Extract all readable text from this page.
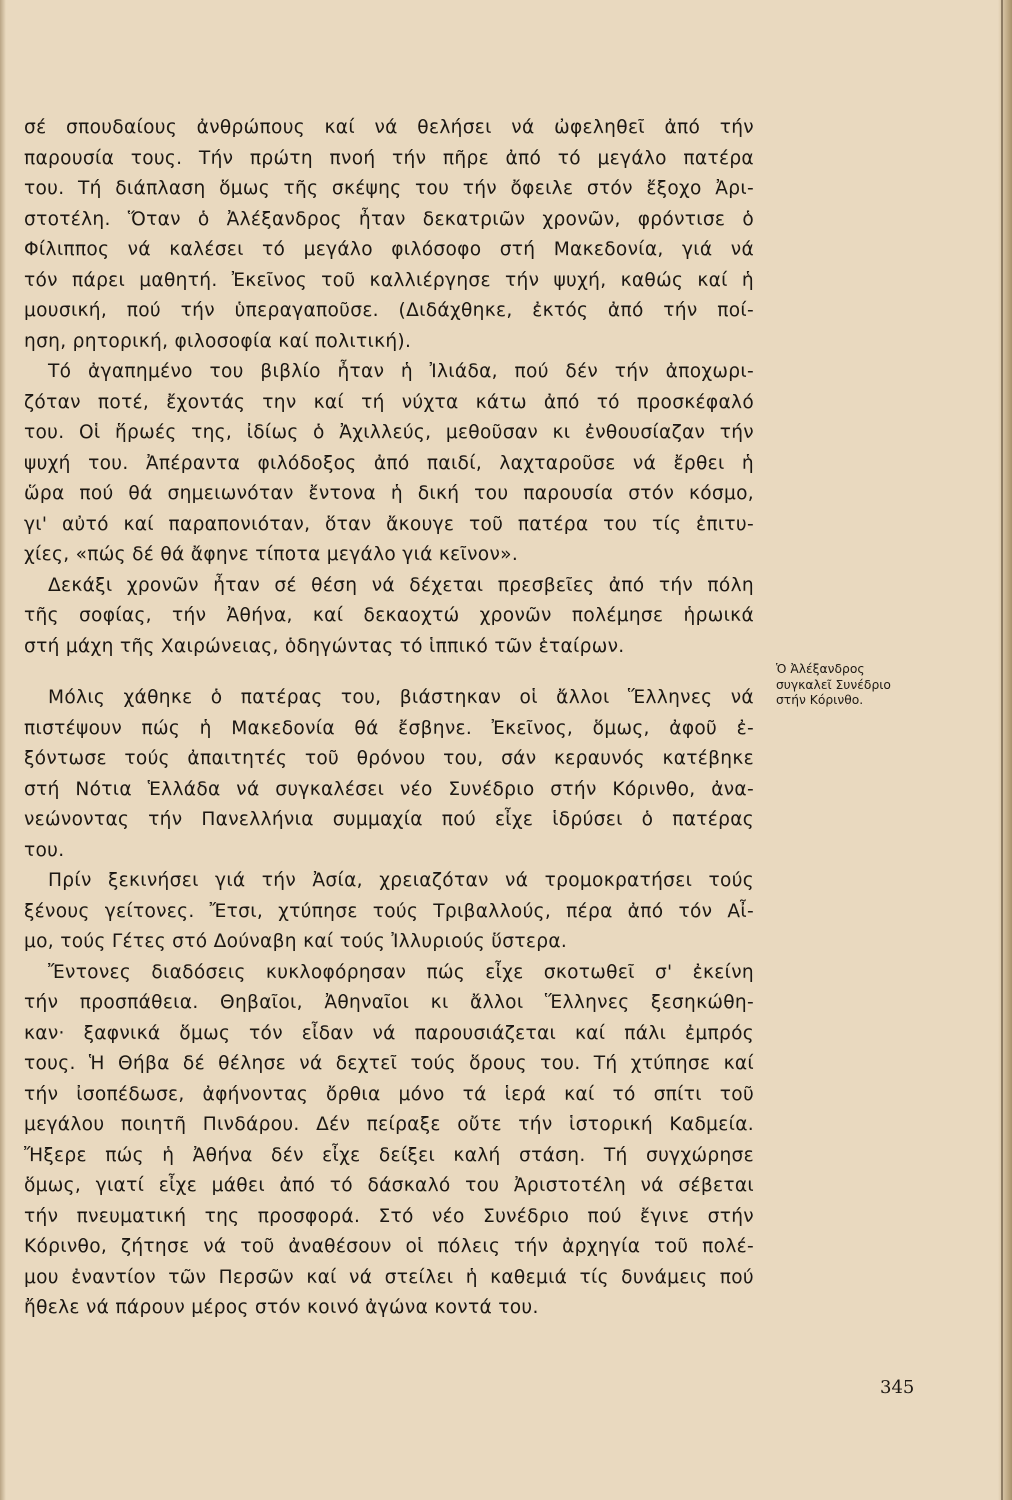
σέ σπουδαίους ἀνθρώπους καί νά θελήσει νά ὠφεληθεῖ ἀπό τήν
παρουσία τους. Τήν πρώτη πνοή τήν πῆρε ἀπό τό μεγάλο πατέρα
του. Τή διάπλαση ὅμως τῆς σκέψης του τήν ὄφειλε στόν ἔξοχο Ἀρι-
στοτέλη. Ὅταν ὁ Ἀλέξανδρος ἦταν δεκατριῶν χρονῶν, φρόντισε ὁ
Φίλιππος νά καλέσει τό μεγάλο φιλόσοφο στή Μακεδονία, γιά νά
τόν πάρει μαθητή. Ἐκεῖνος τοῦ καλλιέργησε τήν ψυχή, καθώς καί ἡ
μουσική, πού τήν ὑπεραγαποῦσε. (Διδάχθηκε, ἐκτός ἀπό τήν ποί-
ηση, ρητορική, φιλοσοφία καί πολιτική).
Τό ἀγαπημένο του βιβλίο ἦταν ἡ Ἰλιάδα, πού δέν τήν ἀποχωρι-
ζόταν ποτέ, ἔχοντάς την καί τή νύχτα κάτω ἀπό τό προσκέφαλό
του. Οἱ ἥρωές της, ἰδίως ὁ Ἀχιλλεύς, μεθοῦσαν κι ἐνθουσίαζαν τήν
ψυχή του. Ἀπέραντα φιλόδοξος ἀπό παιδί, λαχταροῦσε νά ἔρθει ἡ
ὥρα πού θά σημειωνόταν ἔντονα ἡ δική του παρουσία στόν κόσμο,
γι' αὐτό καί παραπονιόταν, ὅταν ἄκουγε τοῦ πατέρα του τίς ἐπιτυ-
χίες, «πώς δέ θά ἄφηνε τίποτα μεγάλο γιά κεῖνον».
Δεκάξι χρονῶν ἦταν σέ θέση νά δέχεται πρεσβεῖες ἀπό τήν πόλη
τῆς σοφίας, τήν Ἀθήνα, καί δεκαοχτώ χρονῶν πολέμησε ἡρωικά
στή μάχη τῆς Χαιρώνειας, ὁδηγώντας τό ἱππικό τῶν ἑταίρων.
Μόλις χάθηκε ὁ πατέρας του, βιάστηκαν οἱ ἄλλοι Ἕλληνες νά
πιστέψουν πώς ἡ Μακεδονία θά ἔσβηνε. Ἐκεῖνος, ὅμως, ἀφοῦ ἐ-
ξόντωσε τούς ἀπαιτητές τοῦ θρόνου του, σάν κεραυνός κατέβηκε
στή Νότια Ἑλλάδα νά συγκαλέσει νέο Συνέδριο στήν Κόρινθο, ἀνα-
νεώνοντας τήν Πανελλήνια συμμαχία πού εἶχε ἱδρύσει ὁ πατέρας
του.
Πρίν ξεκινήσει γιά τήν Ἀσία, χρειαζόταν νά τρομοκρατήσει τούς
ξένους γείτονες. Ἔτσι, χτύπησε τούς Τριβαλλούς, πέρα ἀπό τόν Αἶ-
μο, τούς Γέτες στό Δούναβη καί τούς Ἰλλυριούς ὕστερα.
Ἔντονες διαδόσεις κυκλοφόρησαν πώς εἶχε σκοτωθεῖ σ' ἐκείνη
τήν προσπάθεια. Θηβαῖοι, Ἀθηναῖοι κι ἄλλοι Ἕλληνες ξεσηκώθη-
καν· ξαφνικά ὅμως τόν εἶδαν νά παρουσιάζεται καί πάλι ἐμπρός
τους. Ἡ Θήβα δέ θέλησε νά δεχτεῖ τούς ὅρους του. Τή χτύπησε καί
τήν ἰσοπέδωσε, ἀφήνοντας ὄρθια μόνο τά ἱερά καί τό σπίτι τοῦ
μεγάλου ποιητῆ Πινδάρου. Δέν πείραξε οὔτε τήν ἱστορική Καδμεία.
Ἤξερε πώς ἡ Ἀθήνα δέν εἶχε δείξει καλή στάση. Τή συγχώρησε
ὅμως, γιατί εἶχε μάθει ἀπό τό δάσκαλό του Ἀριστοτέλη νά σέβεται
τήν πνευματική της προσφορά. Στό νέο Συνέδριο πού ἔγινε στήν
Κόρινθο, ζήτησε νά τοῦ ἀναθέσουν οἱ πόλεις τήν ἀρχηγία τοῦ πολέ-
μου ἐναντίον τῶν Περσῶν καί νά στείλει ἡ καθεμιά τίς δυνάμεις πού
ἤθελε νά πάρουν μέρος στόν κοινό ἀγώνα κοντά του.
Ὁ Ἀλέξανδρος
συγκαλεῖ Συνέδριο
στήν Κόρινθο.
345
